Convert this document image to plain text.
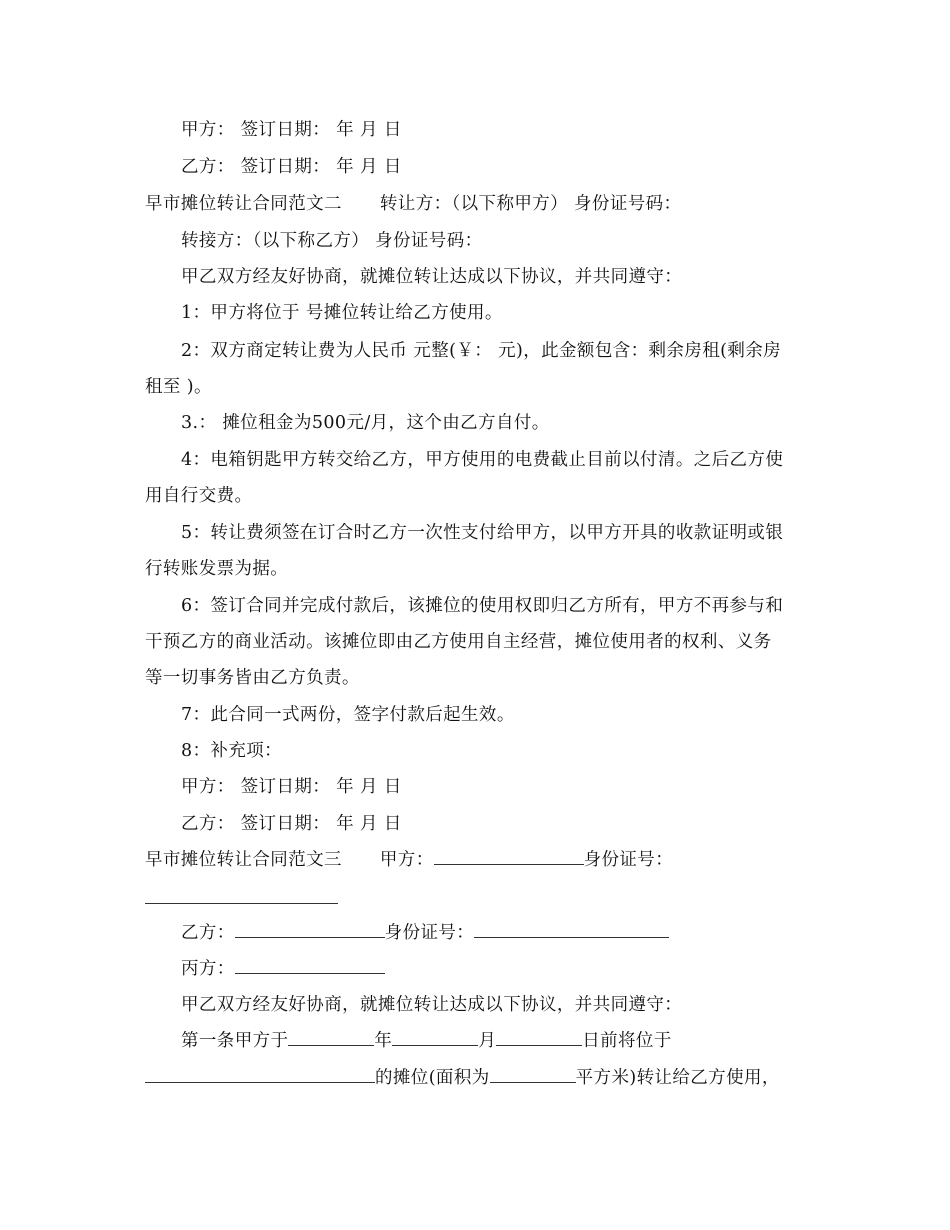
甲方： 签订日期： 年 月 日
乙方： 签订日期： 年 月 日
早市摊位转让合同范文二 转让方：（以下称甲方） 身份证号码：
转接方：（以下称乙方） 身份证号码：
甲乙双方经友好协商，就摊位转让达成以下协议，并共同遵守：
1：甲方将位于 号摊位转让给乙方使用。
2：双方商定转让费为人民币 元整(￥： 元)，此金额包含：剩余房租(剩余房
租至 )。
3.： 摊位租金为500元/月，这个由乙方自付。
4：电箱钥匙甲方转交给乙方，甲方使用的电费截止目前以付清。之后乙方使
用自行交费。
5：转让费须签在订合时乙方一次性支付给甲方，以甲方开具的收款证明或银
行转账发票为据。
6：签订合同并完成付款后，该摊位的使用权即归乙方所有，甲方不再参与和
干预乙方的商业活动。该摊位即由乙方使用自主经营，摊位使用者的权利、义务
等一切事务皆由乙方负责。
7：此合同一式两份，签字付款后起生效。
8：补充项：
甲方： 签订日期： 年 月 日
乙方： 签订日期： 年 月 日
早市摊位转让合同范文三 甲方：	身份证号：
乙方：	身份证号：
丙方：
甲乙双方经友好协商，就摊位转让达成以下协议，并共同遵守：
第一条甲方于	年	月	日前将位于
的摊位(面积为	平方米)转让给乙方使用，
